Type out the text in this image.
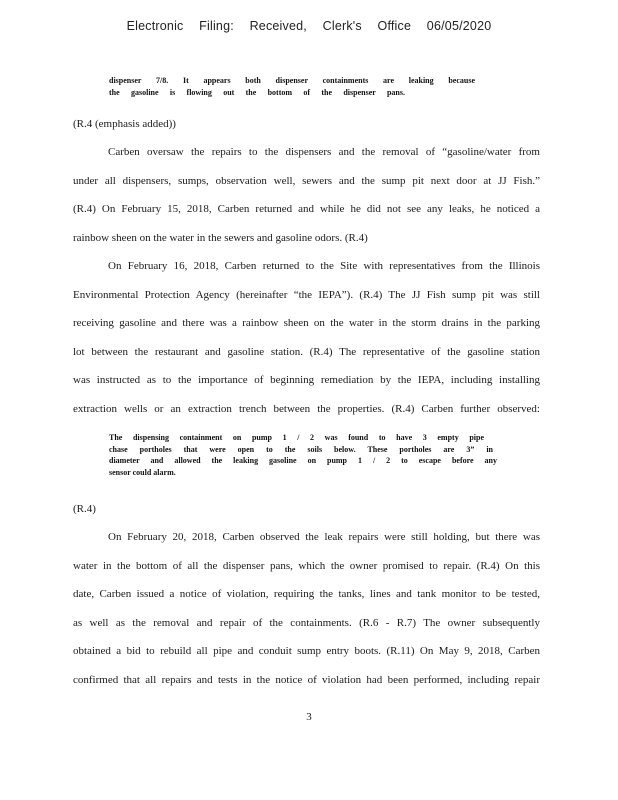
Electronic Filing: Received, Clerk's Office 06/05/2020
dispenser 7/8. It appears both dispenser containments are leaking because
the gasoline is flowing out the bottom of the dispenser pans.
(R.4 (emphasis added))
Carben oversaw the repairs to the dispensers and the removal of “gasoline/water from
under all dispensers, sumps, observation well, sewers and the sump pit next door at JJ Fish.”
(R.4) On February 15, 2018, Carben returned and while he did not see any leaks, he noticed a
rainbow sheen on the water in the sewers and gasoline odors. (R.4)
On February 16, 2018, Carben returned to the Site with representatives from the Illinois
Environmental Protection Agency (hereinafter “the IEPA”). (R.4) The JJ Fish sump pit was still
receiving gasoline and there was a rainbow sheen on the water in the storm drains in the parking
lot between the restaurant and gasoline station. (R.4) The representative of the gasoline station
was instructed as to the importance of beginning remediation by the IEPA, including installing
extraction wells or an extraction trench between the properties. (R.4) Carben further observed:
The dispensing containment on pump 1 / 2 was found to have 3 empty pipe
chase portholes that were open to the soils below. These portholes are 3” in
diameter and allowed the leaking gasoline on pump 1 / 2 to escape before any
sensor could alarm.
(R.4)
On February 20, 2018, Carben observed the leak repairs were still holding, but there was
water in the bottom of all the dispenser pans, which the owner promised to repair. (R.4) On this
date, Carben issued a notice of violation, requiring the tanks, lines and tank monitor to be tested,
as well as the removal and repair of the containments. (R.6 - R.7) The owner subsequently
obtained a bid to rebuild all pipe and conduit sump entry boots. (R.11) On May 9, 2018, Carben
confirmed that all repairs and tests in the notice of violation had been performed, including repair
3
